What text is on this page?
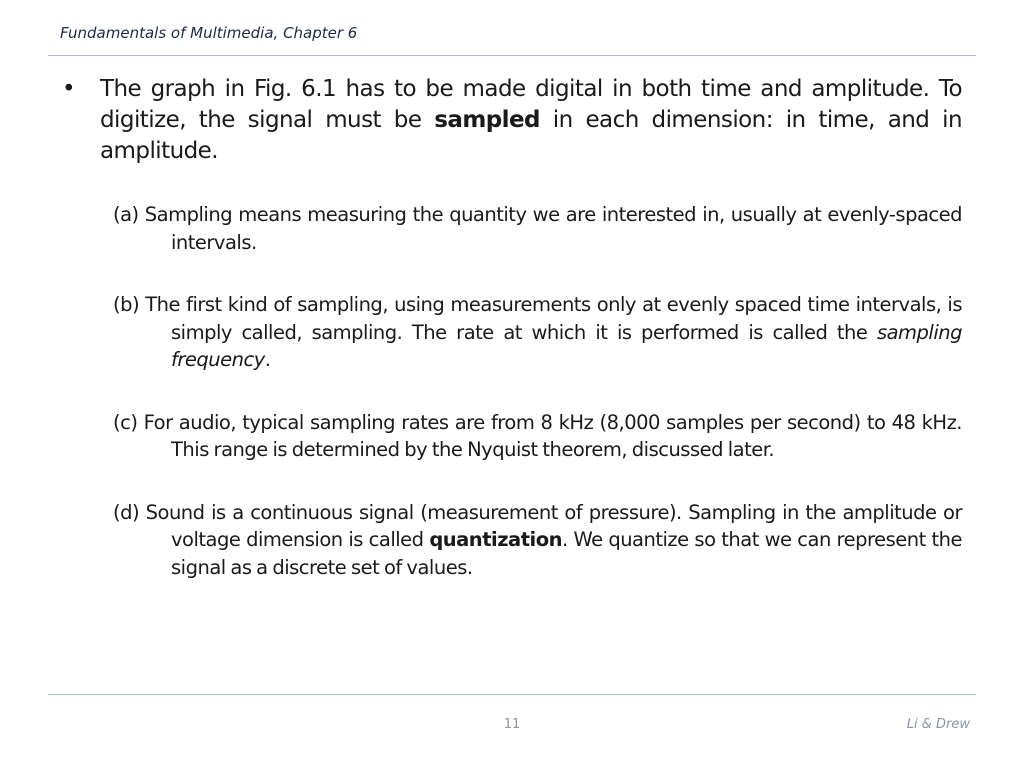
Fundamentals of Multimedia, Chapter 6

• The graph in Fig. 6.1 has to be made digital in both time and amplitude. To digitize, the signal must be sampled in each dimension: in time, and in amplitude.

(a) Sampling means measuring the quantity we are interested in, usually at evenly-spaced intervals.
(b) The first kind of sampling, using measurements only at evenly spaced time intervals, is simply called, sampling. The rate at which it is performed is called the sampling frequency.
(c) For audio, typical sampling rates are from 8 kHz (8,000 samples per second) to 48 kHz. This range is determined by the Nyquist theorem, discussed later.
(d) Sound is a continuous signal (measurement of pressure). Sampling in the amplitude or voltage dimension is called quantization. We quantize so that we can represent the signal as a discrete set of values.
11	Li & Drew
